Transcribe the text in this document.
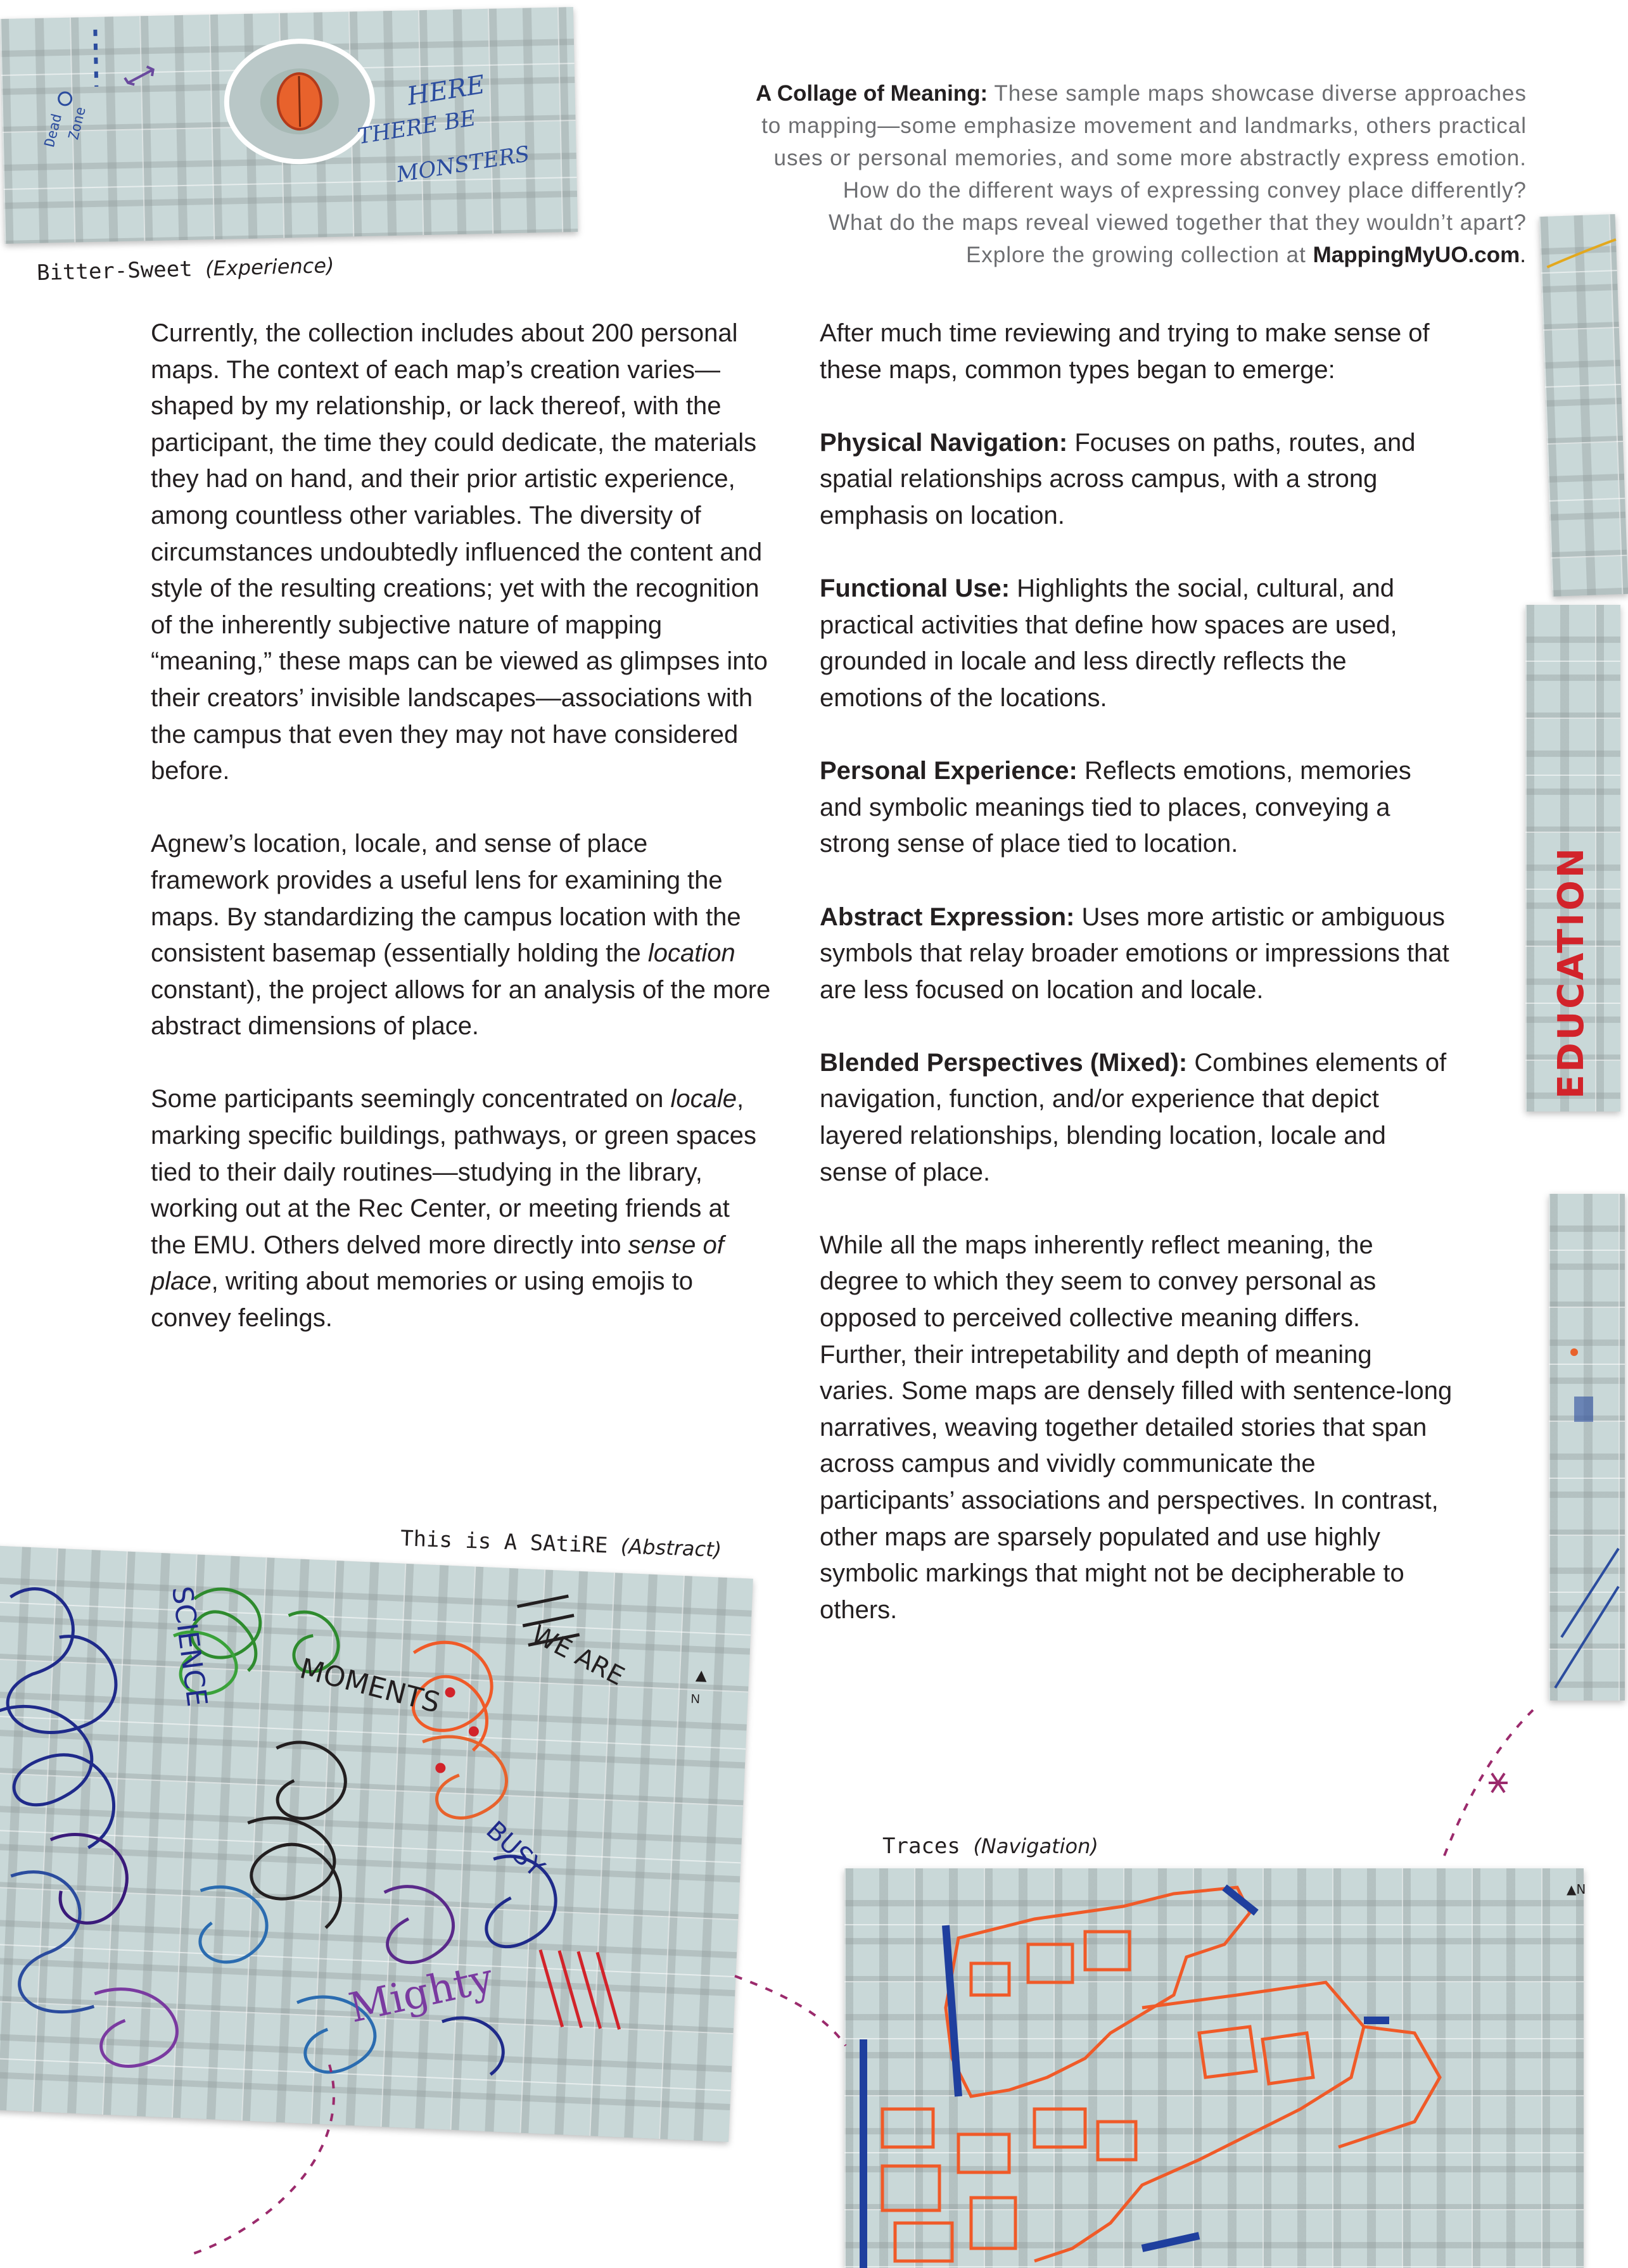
Dead Zone
HERE
THERE BE
MONSTERS
Bitter-Sweet (Experience)
A Collage of Meaning: These sample maps showcase diverse approaches
to mapping—some emphasize movement and landmarks, others practical
uses or personal memories, and some more abstractly express emotion.
How do the different ways of expressing convey place differently?
What do the maps reveal viewed together that they wouldn’t apart?
Explore the growing collection at MappingMyUO.com.
EDUCATION

Currently, the collection includes about 200 personal maps. The context of each map’s creation varies—shaped by my relationship, or lack thereof, with the participant, the time they could dedicate, the materials they had on hand, and their prior artistic experience, among countless other variables. The diversity of circumstances undoubtedly influenced the content and style of the resulting creations; yet with the recognition of the inherently subjective nature of mapping “meaning,” these maps can be viewed as glimpses into their creators’ invisible landscapes—associations with the campus that even they may not have considered before.

Agnew’s location, locale, and sense of place framework provides a useful lens for examining the maps. By standardizing the campus location with the consistent basemap (essentially holding the location constant), the project allows for an analysis of the more abstract dimensions of place.

Some participants seemingly concentrated on locale, marking specific buildings, pathways, or green spaces tied to their daily routines—studying in the library, working out at the Rec Center, or meeting friends at the EMU. Others delved more directly into sense of place, writing about memories or using emojis to convey feelings.

After much time reviewing and trying to make sense of these maps, common types began to emerge:

Physical Navigation: Focuses on paths, routes, and spatial relationships across campus, with a strong emphasis on location.

Functional Use: Highlights the social, cultural, and practical activities that define how spaces are used, grounded in locale and less directly reflects the emotions of the locations.

Personal Experience: Reflects emotions, memories and symbolic meanings tied to places, conveying a strong sense of place tied to location.

Abstract Expression: Uses more artistic or ambiguous symbols that relay broader emotions or impressions that are less focused on location and locale.

Blended Perspectives (Mixed): Combines elements of navigation, function, and/or experience that depict layered relationships, blending location, locale and sense of place.

While all the maps inherently reflect meaning, the degree to which they seem to convey personal as opposed to perceived collective meaning differs. Further, their intrepetability and depth of meaning varies. Some maps are densely filled with sentence-long narratives, weaving together detailed stories that span across campus and vividly communicate the participants’ associations and perspectives. In contrast, other maps are sparsely populated and use highly symbolic markings that might not be decipherable to others.

This is A SAtiRE (Abstract)
MOMENTS	WE ARE
BUSY
Mighty
SCIENCE	▲
N
Traces (Navigation)
▲N
